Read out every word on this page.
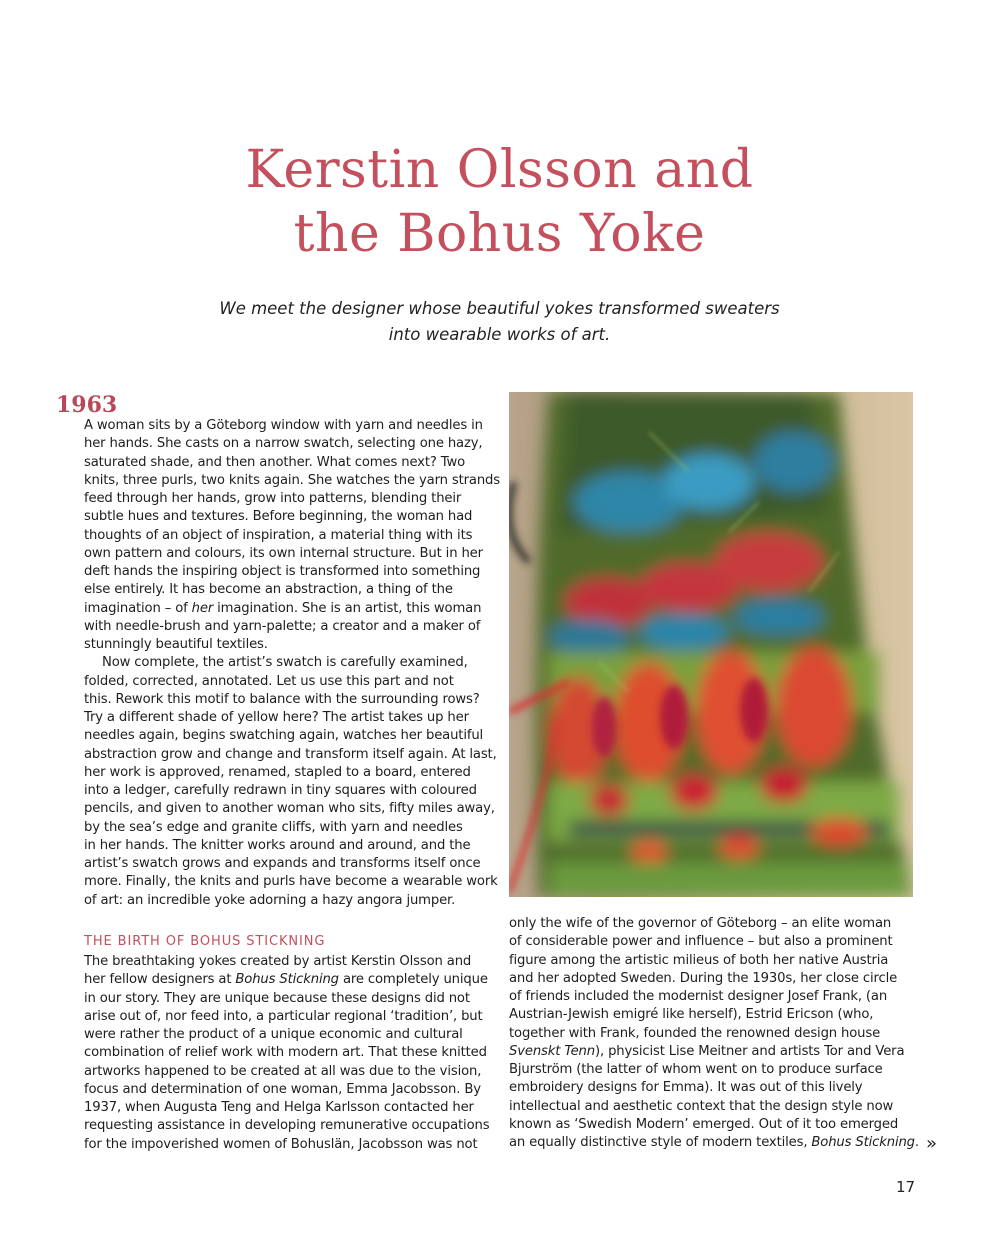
Kerstin Olsson and
the Bohus Yoke

We meet the designer whose beautiful yokes transformed sweaters
into wearable works of art.

1963
A woman sits by a Göteborg window with yarn and needles in
her hands. She casts on a narrow swatch, selecting one hazy,
saturated shade, and then another. What comes next? Two
knits, three purls, two knits again. She watches the yarn strands
feed through her hands, grow into patterns, blending their
subtle hues and textures. Before beginning, the woman had
thoughts of an object of inspiration, a material thing with its
own pattern and colours, its own internal structure. But in her
deft hands the inspiring object is transformed into something
else entirely. It has become an abstraction, a thing of the
imagination – of her imagination. She is an artist, this woman
with needle-brush and yarn-palette; a creator and a maker of
stunningly beautiful textiles.
Now complete, the artist’s swatch is carefully examined,
folded, corrected, annotated. Let us use this part and not
this. Rework this motif to balance with the surrounding rows?
Try a different shade of yellow here? The artist takes up her
needles again, begins swatching again, watches her beautiful
abstraction grow and change and transform itself again. At last,
her work is approved, renamed, stapled to a board, entered
into a ledger, carefully redrawn in tiny squares with coloured
pencils, and given to another woman who sits, fifty miles away,
by the sea’s edge and granite cliffs, with yarn and needles
in her hands. The knitter works around and around, and the
artist’s swatch grows and expands and transforms itself once
more. Finally, the knits and purls have become a wearable work
of art: an incredible yoke adorning a hazy angora jumper.
THE BIRTH OF BOHUS STICKNING
The breathtaking yokes created by artist Kerstin Olsson and
her fellow designers at Bohus Stickning are completely unique
in our story. They are unique because these designs did not
arise out of, nor feed into, a particular regional ‘tradition’, but
were rather the product of a unique economic and cultural
combination of relief work with modern art. That these knitted
artworks happened to be created at all was due to the vision,
focus and determination of one woman, Emma Jacobsson. By
1937, when Augusta Teng and Helga Karlsson contacted her
requesting assistance in developing remunerative occupations
for the impoverished women of Bohuslän, Jacobsson was not
only the wife of the governor of Göteborg – an elite woman
of considerable power and influence – but also a prominent
figure among the artistic milieus of both her native Austria
and her adopted Sweden. During the 1930s, her close circle
of friends included the modernist designer Josef Frank, (an
Austrian-Jewish emigré like herself), Estrid Ericson (who,
together with Frank, founded the renowned design house
Svenskt Tenn), physicist Lise Meitner and artists Tor and Vera
Bjurström (the latter of whom went on to produce surface
embroidery designs for Emma). It was out of this lively
intellectual and aesthetic context that the design style now
known as ‘Swedish Modern’ emerged. Out of it too emerged
an equally distinctive style of modern textiles, Bohus Stickning. »
17
